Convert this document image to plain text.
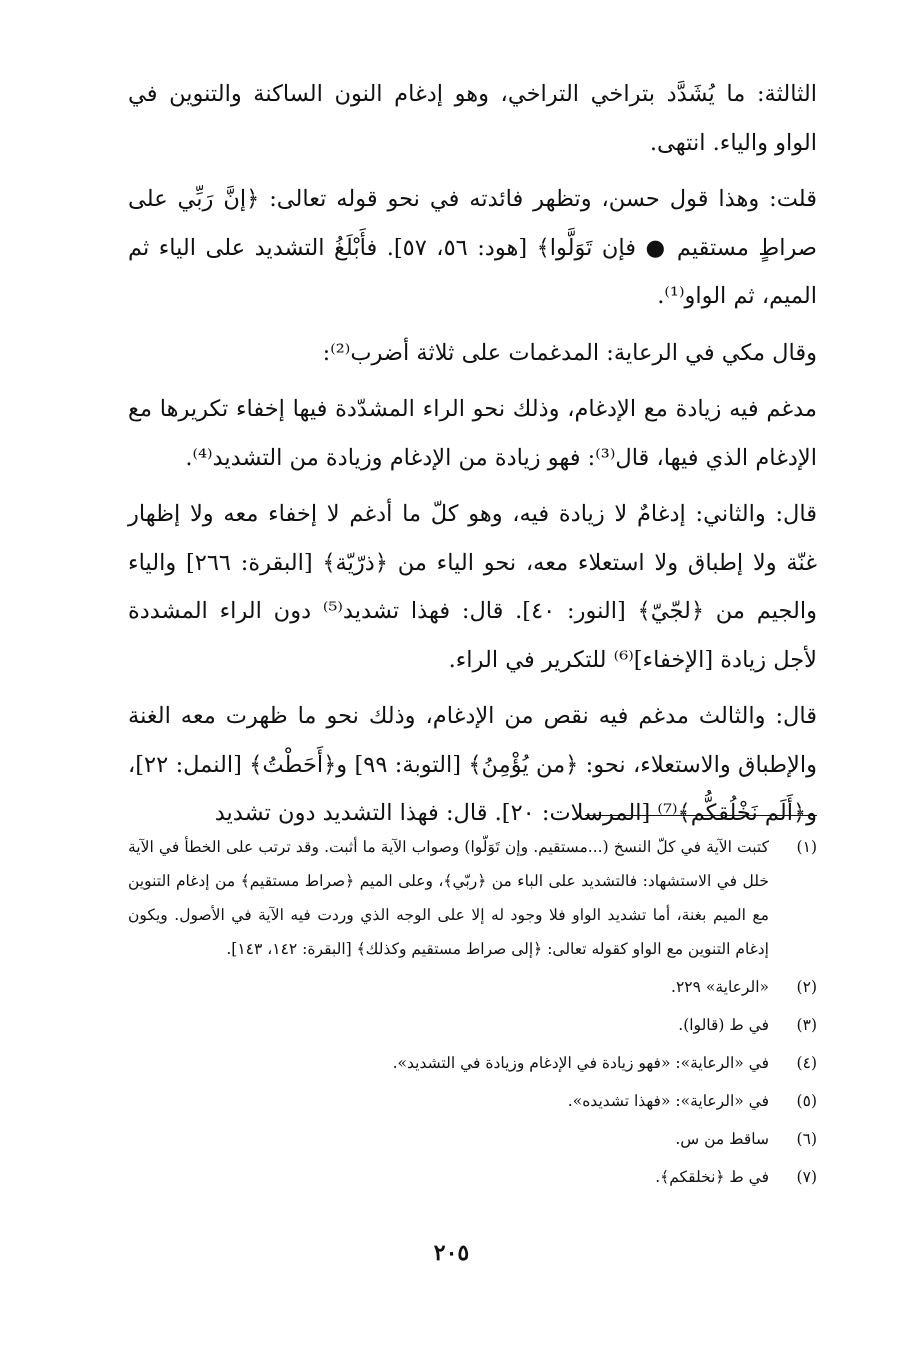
الثالثة: ما يُشَدَّد بتراخي التراخي، وهو إدغام النون الساكنة والتنوين في الواو والياء. انتهى.

قلت: وهذا قول حسن، وتظهر فائدته في نحو قوله تعالى: ﴿إنَّ رَبِّي على صراطٍ مستقيم ● فإن تَوَلَّوا﴾ [هود: ٥٦، ٥٧]. فأَبْلَغُ التشديد على الياء ثم الميم، ثم الواو⁽¹⁾.

وقال مكي في الرعاية: المدغمات على ثلاثة أضرب⁽²⁾:

مدغم فيه زيادة مع الإدغام، وذلك نحو الراء المشدّدة فيها إخفاء تكريرها مع الإدغام الذي فيها، قال⁽³⁾: فهو زيادة من الإدغام وزيادة من التشديد⁽⁴⁾.

قال: والثاني: إدغامٌ لا زيادة فيه، وهو كلّ ما أدغم لا إخفاء معه ولا إظهار غنّة ولا إطباق ولا استعلاء معه، نحو الياء من ﴿ذرّيّة﴾ [البقرة: ٢٦٦] والياء والجيم من ﴿لجّيّ﴾ [النور: ٤٠]. قال: فهذا تشديد⁽⁵⁾ دون الراء المشددة لأجل زيادة [الإخفاء]⁽⁶⁾ للتكرير في الراء.

قال: والثالث مدغم فيه نقص من الإدغام، وذلك نحو ما ظهرت معه الغنة والإطباق والاستعلاء، نحو: ﴿من يُؤْمِنُ﴾ [التوبة: ٩٩] و﴿أَحَطْتُ﴾ [النمل: ٢٢]، و﴿أَلَم نَخْلُقكُّم﴾⁽⁷⁾ [المرسلات: ٢٠]. قال: فهذا التشديد دون تشديد

(١)
كتبت الآية في كلّ النسخ (...مستقيم. وإن تَوَلّوا) وصواب الآية ما أثبت. وقد ترتب على الخطأ في الآية خلل في الاستشهاد: فالتشديد على الباء من ﴿ربّي﴾، وعلى الميم ﴿صراط مستقيم﴾ من إدغام التنوين مع الميم بغنة، أما تشديد الواو فلا وجود له إلا على الوجه الذي وردت فيه الآية في الأصول. ويكون إدغام التنوين مع الواو كقوله تعالى: ﴿إلى صراط مستقيم وكذلك﴾ [البقرة: ١٤٢، ١٤٣].
(٢)
«الرعاية» ٢٢٩.
(٣)
في ط (قالوا).
(٤)
في «الرعاية»: «فهو زيادة في الإدغام وزيادة في التشديد».
(٥)
في «الرعاية»: «فهذا تشديده».
(٦)
ساقط من س.
(٧)
في ط ﴿نخلقكم﴾.
٢٠٥
